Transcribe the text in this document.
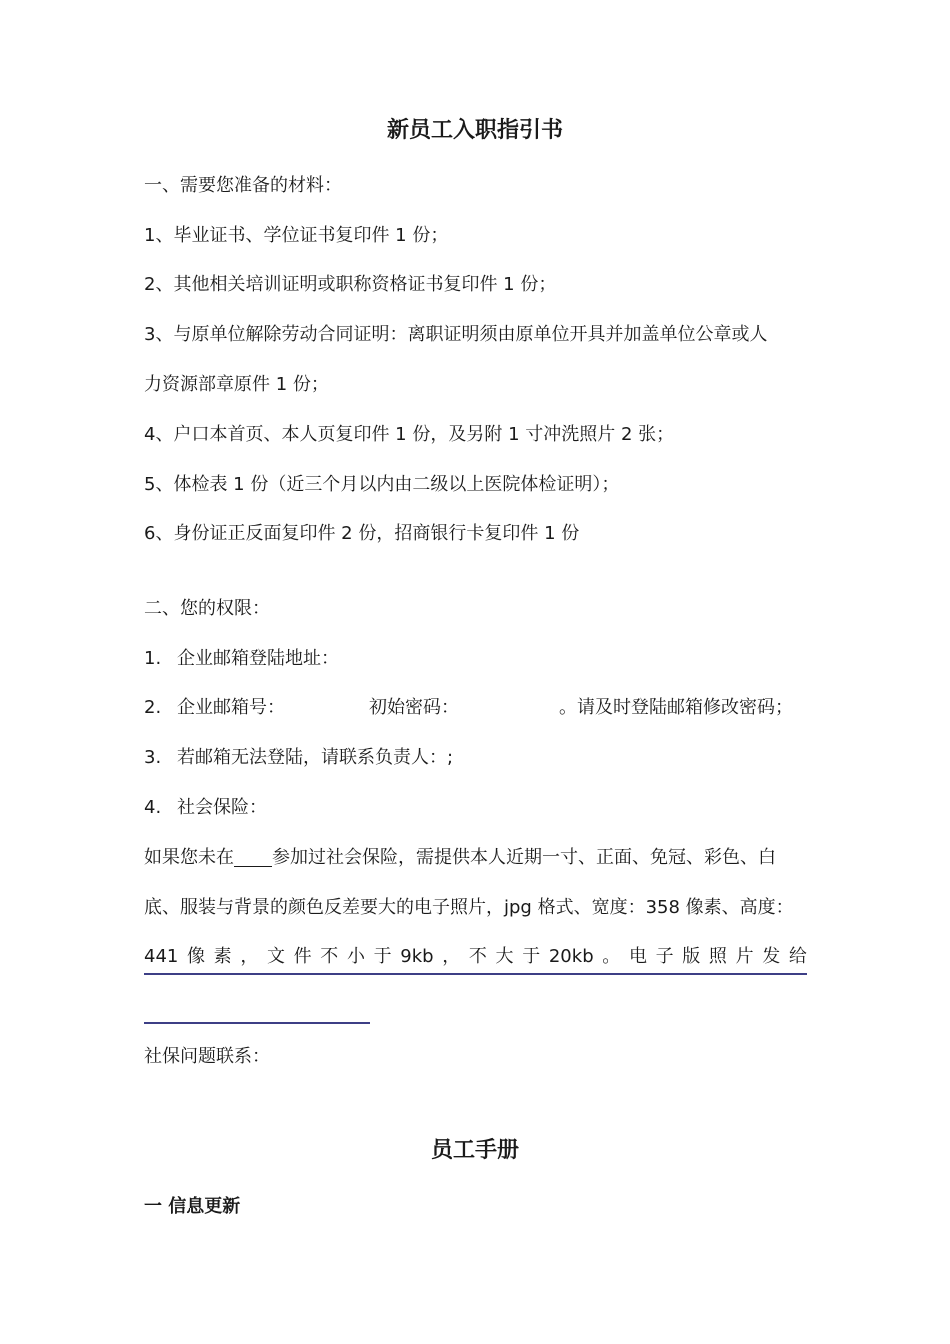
新员工入职指引书
一、需要您准备的材料：
1、毕业证书、学位证书复印件 1 份；
2、其他相关培训证明或职称资格证书复印件 1 份；
3、与原单位解除劳动合同证明：离职证明须由原单位开具并加盖单位公章或人
力资源部章原件 1 份；
4、户口本首页、本人页复印件 1 份，及另附 1 寸冲洗照片 2 张；
5、体检表 1 份（近三个月以内由二级以上医院体检证明）；
6、身份证正反面复印件 2 份，招商银行卡复印件 1 份
二、您的权限：
1. 企业邮箱登陆地址：
2. 企业邮箱号：	初始密码：	。请及时登陆邮箱修改密码；
3. 若邮箱无法登陆，请联系负责人：;
4. 社会保险：
如果您未在 参加过社会保险，需提供本人近期一寸、正面、免冠、彩色、白
底、服装与背景的颜色反差要大的电子照片，jpg 格式、宽度：358 像素、高度：
441 像 素 ， 文 件 不 小 于 9kb ， 不 大 于 20kb 。 电 子 版 照 片 发 给
社保问题联系：
员工手册
一 信息更新
